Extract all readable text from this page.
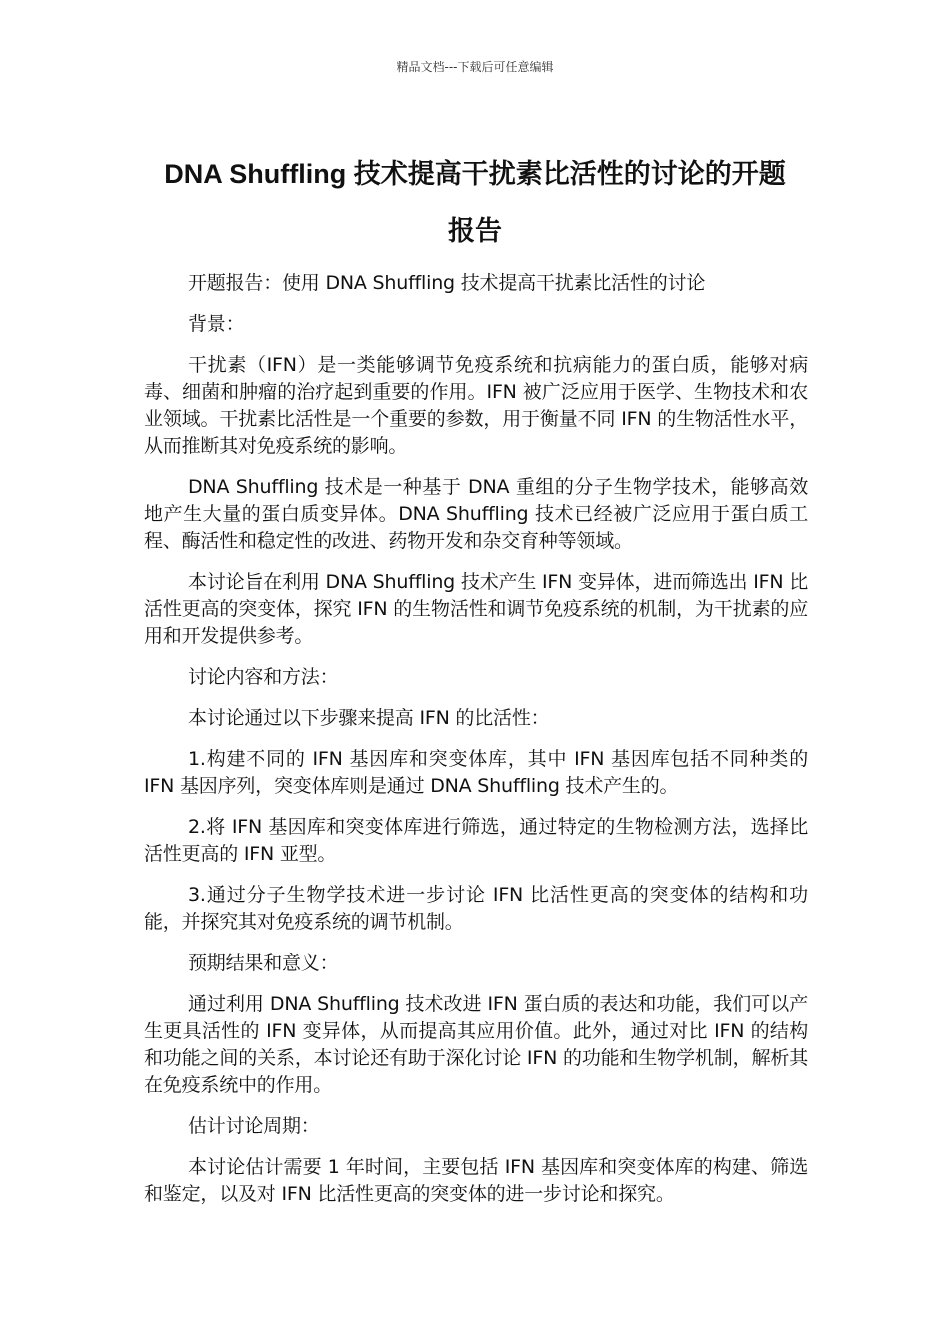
精品文档---下载后可任意编辑
DNA Shuffling 技术提高干扰素比活性的讨论的开题
报告

开题报告：使用 DNA Shuffling 技术提高干扰素比活性的讨论

背景：

干扰素（IFN）是一类能够调节免疫系统和抗病能力的蛋白质，能够对病毒、细菌和肿瘤的治疗起到重要的作用。IFN 被广泛应用于医学、生物技术和农业领域。干扰素比活性是一个重要的参数，用于衡量不同 IFN 的生物活性水平，从而推断其对免疫系统的影响。

DNA Shuffling 技术是一种基于 DNA 重组的分子生物学技术，能够高效地产生大量的蛋白质变异体。DNA Shuffling 技术已经被广泛应用于蛋白质工程、酶活性和稳定性的改进、药物开发和杂交育种等领域。

本讨论旨在利用 DNA Shuffling 技术产生 IFN 变异体，进而筛选出 IFN 比活性更高的突变体，探究 IFN 的生物活性和调节免疫系统的机制，为干扰素的应用和开发提供参考。

讨论内容和方法：

本讨论通过以下步骤来提高 IFN 的比活性：

1.构建不同的 IFN 基因库和突变体库，其中 IFN 基因库包括不同种类的 IFN 基因序列，突变体库则是通过 DNA Shuffling 技术产生的。

2.将 IFN 基因库和突变体库进行筛选，通过特定的生物检测方法，选择比活性更高的 IFN 亚型。

3.通过分子生物学技术进一步讨论 IFN 比活性更高的突变体的结构和功能，并探究其对免疫系统的调节机制。

预期结果和意义：

通过利用 DNA Shuffling 技术改进 IFN 蛋白质的表达和功能，我们可以产生更具活性的 IFN 变异体，从而提高其应用价值。此外，通过对比 IFN 的结构和功能之间的关系，本讨论还有助于深化讨论 IFN 的功能和生物学机制，解析其在免疫系统中的作用。

估计讨论周期：

本讨论估计需要 1 年时间，主要包括 IFN 基因库和突变体库的构建、筛选和鉴定，以及对 IFN 比活性更高的突变体的进一步讨论和探究。
